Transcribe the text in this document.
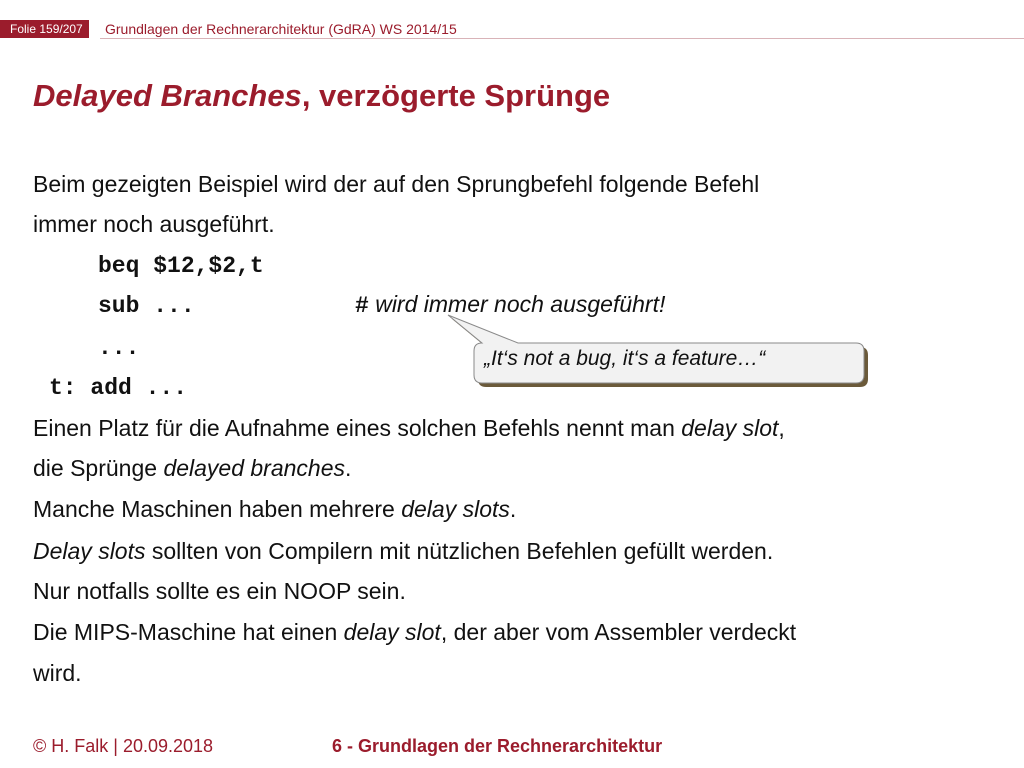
Folie 159/207	Grundlagen der Rechnerarchitektur (GdRA) WS 2014/15
Delayed Branches, verzögerte Sprünge
Beim gezeigten Beispiel wird der auf den Sprungbefehl folgende Befehl
immer noch ausgeführt.
beq $12,$2,t
sub ...
...
t: add ...
# wird immer noch ausgeführt!
„It‘s not a bug, it‘s a feature…“
Einen Platz für die Aufnahme eines solchen Befehls nennt man delay slot,
die Sprünge delayed branches.
Manche Maschinen haben mehrere delay slots.
Delay slots sollten von Compilern mit nützlichen Befehlen gefüllt werden.
Nur notfalls sollte es ein NOOP sein.
Die MIPS-Maschine hat einen delay slot, der aber vom Assembler verdeckt
wird.
© H. Falk | 20.09.2018	6 - Grundlagen der Rechnerarchitektur
